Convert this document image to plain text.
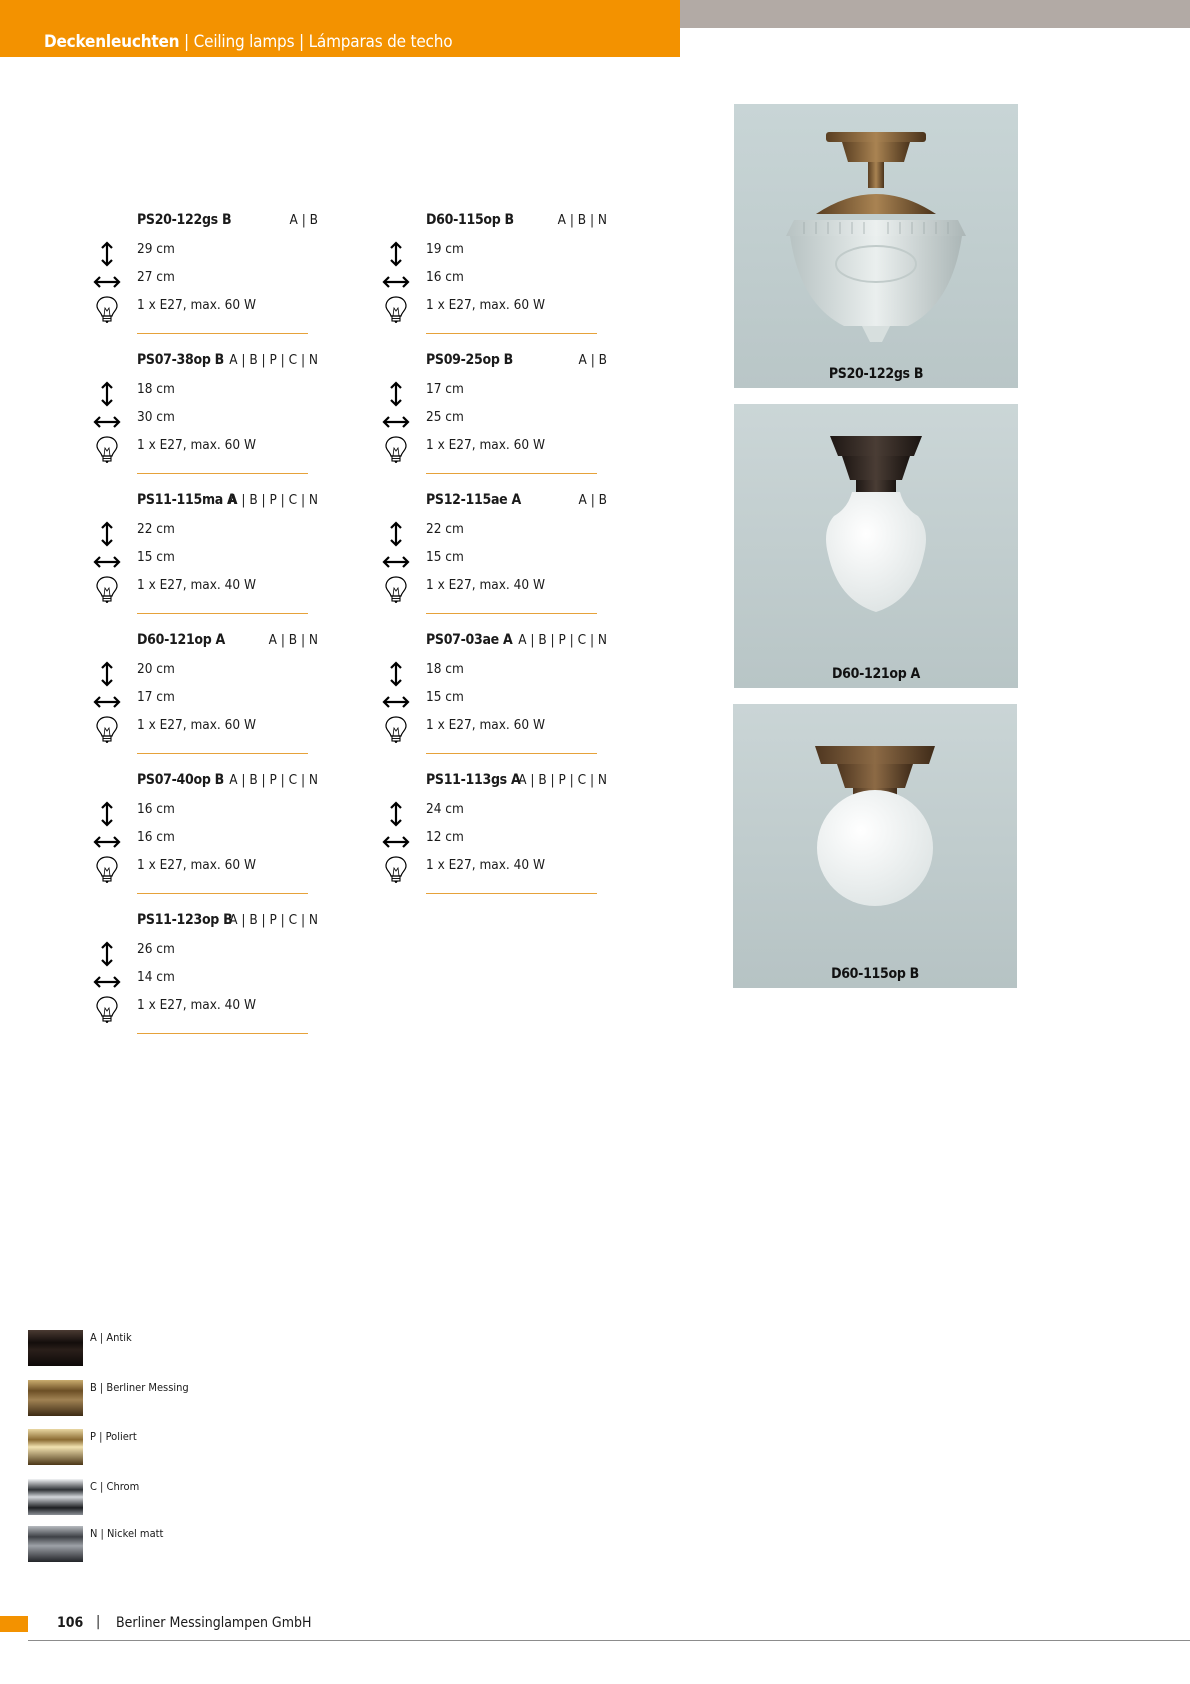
Deckenleuchten | Ceiling lamps | Lámparas de techo
PS20-122gs B	A | B
29 cm
27 cm
1 x E27, max. 60 W
PS07-38op B A | B | P | C | N
18 cm
30 cm
1 x E27, max. 60 W
PS11-115ma A
A | B | P | C | N
22 cm
15 cm
1 x E27, max. 40 W
D60-121op A	A | B | N
20 cm
17 cm
1 x E27, max. 60 W
PS07-40op B A | B | P | C | N
16 cm
16 cm
1 x E27, max. 60 W
PS11-123op B
A | B | P | C | N
26 cm
14 cm
1 x E27, max. 40 W
D60-115op B	A | B | N
19 cm
16 cm
1 x E27, max. 60 W
PS09-25op B	A | B
17 cm
25 cm
1 x E27, max. 60 W
PS12-115ae A	A | B
22 cm
15 cm
1 x E27, max. 40 W
PS07-03ae A A | B | P | C | N
18 cm
15 cm
1 x E27, max. 60 W
PS11-113gs A
A | B | P | C | N
24 cm
12 cm
1 x E27, max. 40 W
PS20-122gs B
D60-121op A
D60-115op B
A | Antik
B | Berliner Messing
P | Poliert
C | Chrom
N | Nickel matt
106 | Berliner Messinglampen GmbH
